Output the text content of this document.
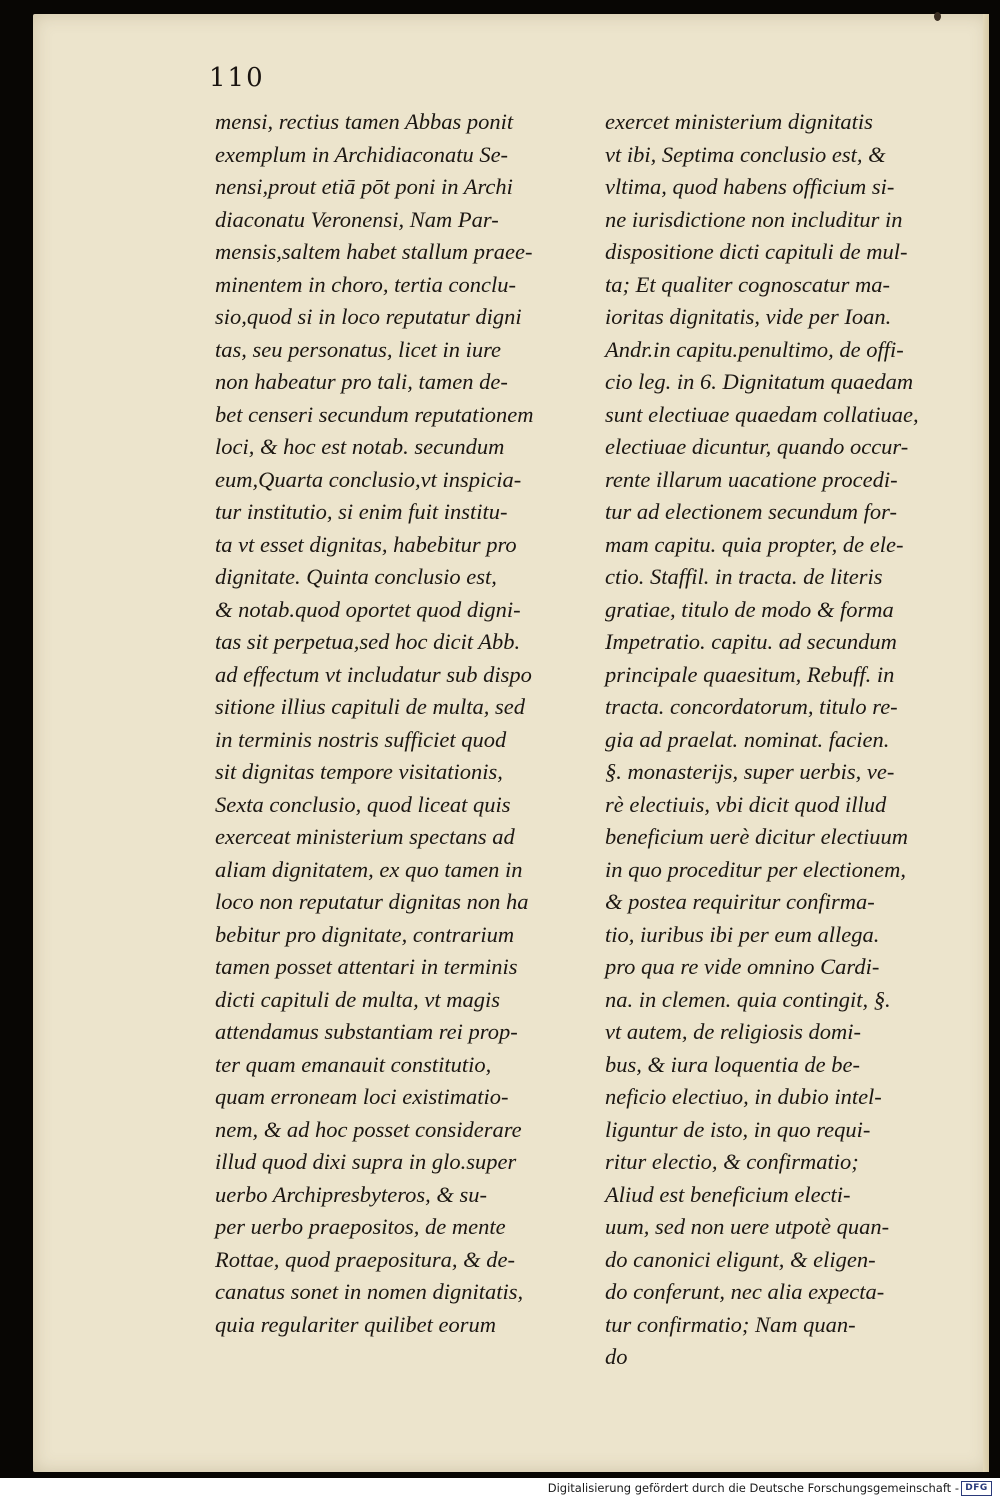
110
mensi, rectius tamen Abbas ponit
exemplum in Archidiaconatu Se-
nensi,prout etiā pōt poni in Archi
diaconatu Veronensi, Nam Par-
mensis,saltem habet stallum praee-
minentem in choro, tertia conclu-
sio,quod si in loco reputatur digni
tas, seu personatus, licet in iure
non habeatur pro tali, tamen de-
bet censeri secundum reputationem
loci, & hoc est notab. secundum
eum,Quarta conclusio,vt inspicia-
tur institutio, si enim fuit institu-
ta vt esset dignitas, habebitur pro
dignitate. Quinta conclusio est,
& notab.quod oportet quod digni-
tas sit perpetua,sed hoc dicit Abb.
ad effectum vt includatur sub dispo
sitione illius capituli de multa, sed
in terminis nostris sufficiet quod
sit dignitas tempore visitationis,
Sexta conclusio, quod liceat quis
exerceat ministerium spectans ad
aliam dignitatem, ex quo tamen in
loco non reputatur dignitas non ha
bebitur pro dignitate, contrarium
tamen posset attentari in terminis
dicti capituli de multa, vt magis
attendamus substantiam rei prop-
ter quam emanauit constitutio,
quam erroneam loci existimatio-
nem, & ad hoc posset considerare
illud quod dixi supra in glo.super
uerbo Archipresbyteros, & su-
per uerbo praepositos, de mente
Rottae, quod praepositura, & de-
canatus sonet in nomen dignitatis,
quia regulariter quilibet eorum
exercet ministerium dignitatis
vt ibi, Septima conclusio est, &
vltima, quod habens officium si-
ne iurisdictione non includitur in
dispositione dicti capituli de mul-
ta; Et qualiter cognoscatur ma-
ioritas dignitatis, vide per Ioan.
Andr.in capitu.penultimo, de offi-
cio leg. in 6. Dignitatum quaedam
sunt electiuae quaedam collatiuae,
electiuae dicuntur, quando occur-
rente illarum uacatione procedi-
tur ad electionem secundum for-
mam capitu. quia propter, de ele-
ctio. Staffil. in tracta. de literis
gratiae, titulo de modo & forma
Impetratio. capitu. ad secundum
principale quaesitum, Rebuff. in
tracta. concordatorum, titulo re-
gia ad praelat. nominat. facien.
§. monasterijs, super uerbis, ve-
rè electiuis, vbi dicit quod illud
beneficium uerè dicitur electiuum
in quo proceditur per electionem,
& postea requiritur confirma-
tio, iuribus ibi per eum allega.
pro qua re vide omnino Cardi-
na. in clemen. quia contingit, §.
vt autem, de religiosis domi-
bus, & iura loquentia de be-
neficio electiuo, in dubio intel-
liguntur de isto, in quo requi-
ritur electio, & confirmatio;
Aliud est beneficium electi-
uum, sed non uere utpotè quan-
do canonici eligunt, & eligen-
do conferunt, nec alia expecta-
tur confirmatio; Nam quan-
do
Digitalisierung gefördert durch die Deutsche Forschungsgemeinschaft - DFG
